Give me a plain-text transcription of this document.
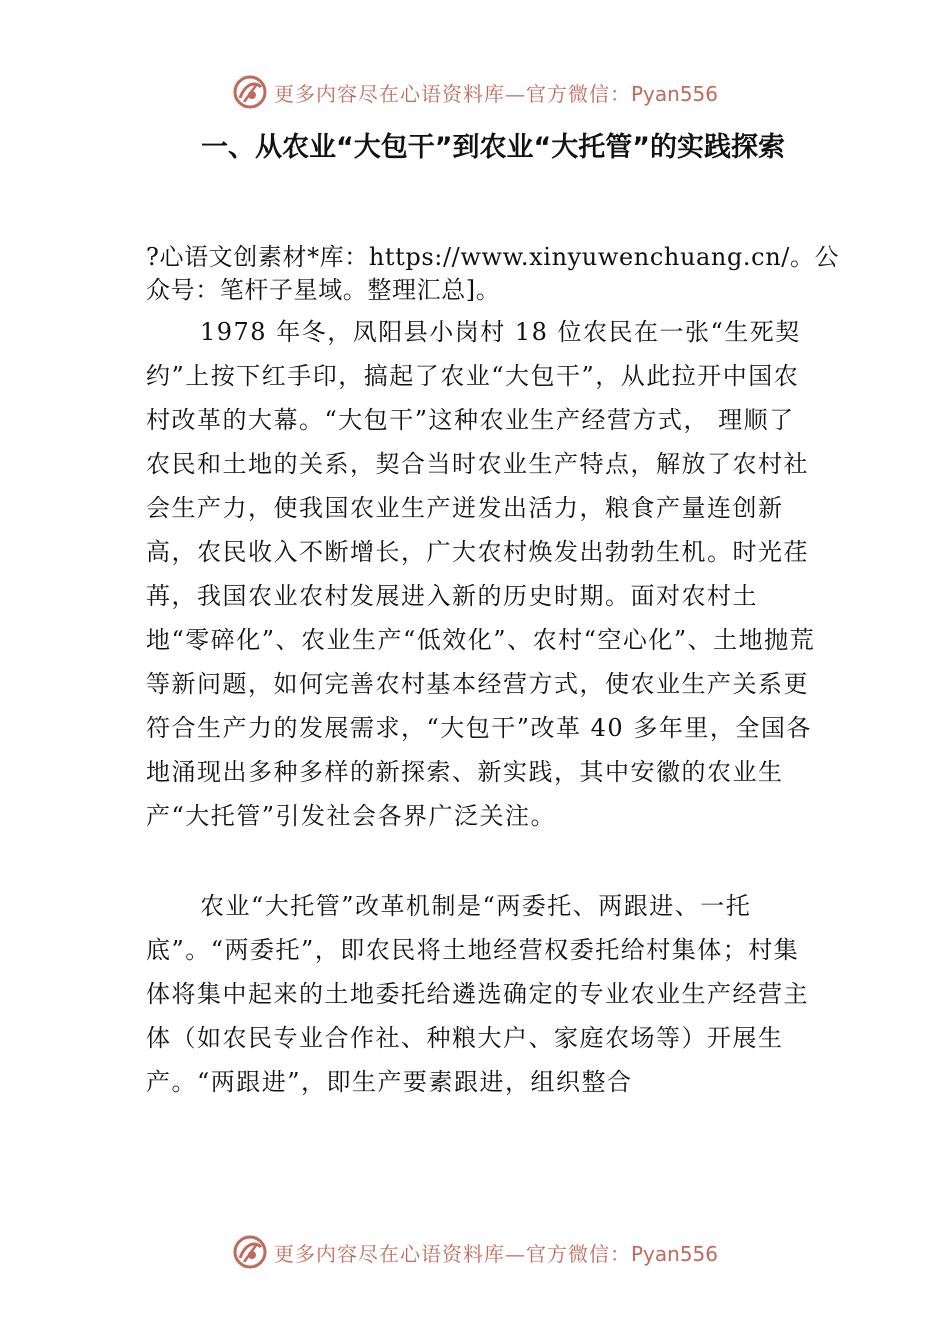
更多内容尽在心语资料库—官方微信：Pyan556
一、从农业“大包干”到农业“大托管”的实践探索

?心语文创素材*库：https://www.xinyuwenchuang.cn/。公众号：笔杆子星域。整理汇总]。

1978 年冬，凤阳县小岗村 18 位农民在一张“生死契约”上按下红手印，搞起了农业“大包干”，从此拉开中国农村改革的大幕。“大包干”这种农业生产经营方式， 理顺了农民和土地的关系，契合当时农业生产特点，解放了农村社会生产力，使我国农业生产迸发出活力，粮食产量连创新高，农民收入不断增长，广大农村焕发出勃勃生机。时光荏苒，我国农业农村发展进入新的历史时期。面对农村土地“零碎化”、农业生产“低效化”、农村“空心化”、土地抛荒等新问题，如何完善农村基本经营方式，使农业生产关系更符合生产力的发展需求，“大包干”改革 40 多年里，全国各地涌现出多种多样的新探索、新实践，其中安徽的农业生产“大托管”引发社会各界广泛关注。

农业“大托管”改革机制是“两委托、两跟进、一托底”。“两委托”，即农民将土地经营权委托给村集体；村集体将集中起来的土地委托给遴选确定的专业农业生产经营主体（如农民专业合作社、种粮大户、家庭农场等）开展生产。“两跟进”，即生产要素跟进，组织整合

更多内容尽在心语资料库—官方微信：Pyan556
